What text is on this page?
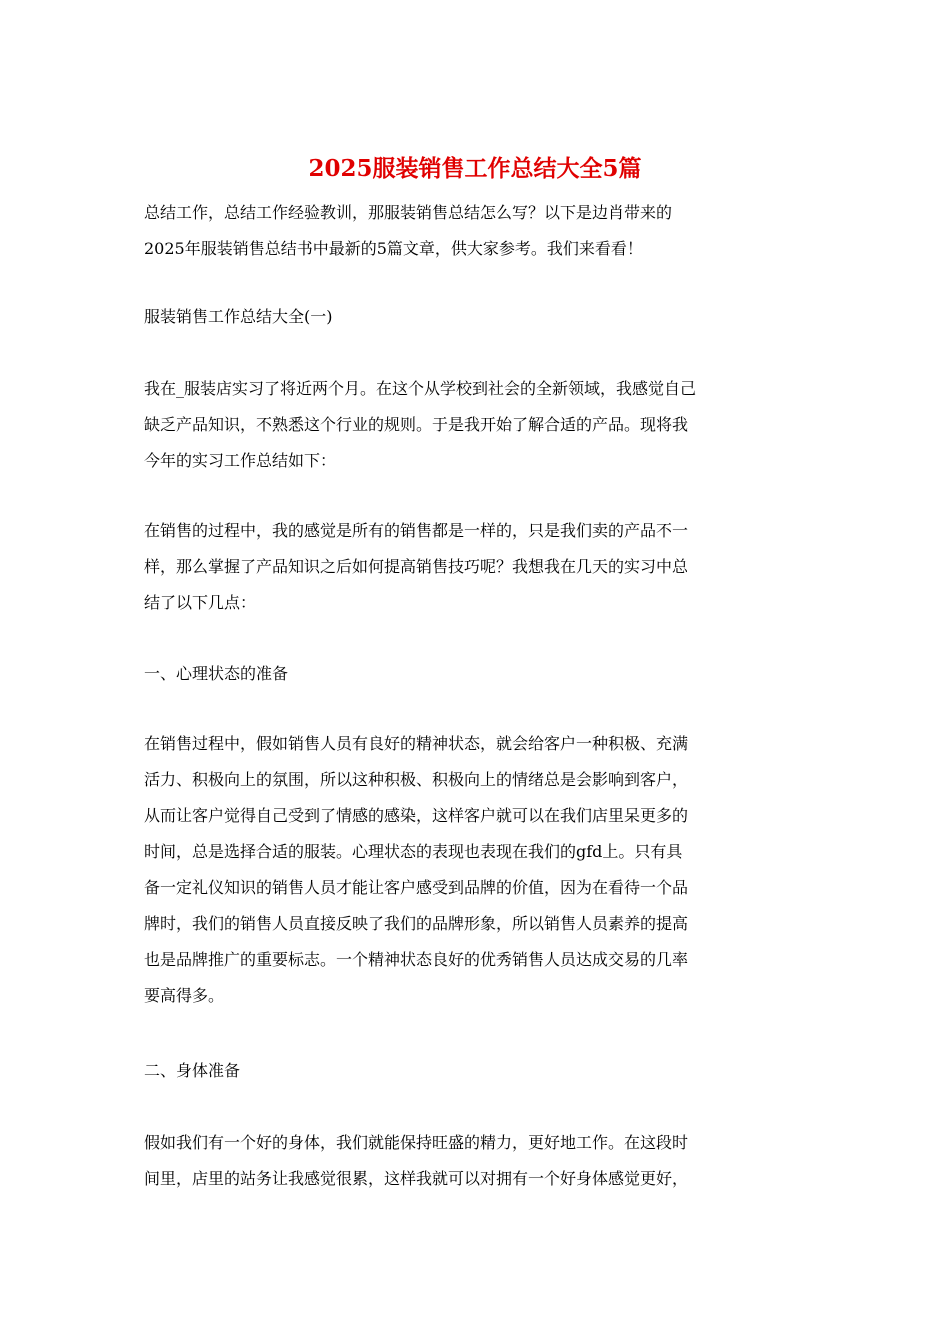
2025服装销售工作总结大全5篇
总结工作，总结工作经验教训，那服装销售总结怎么写？以下是边肖带来的
2025年服装销售总结书中最新的5篇文章，供大家参考。我们来看看！
服装销售工作总结大全(一)
我在_服装店实习了将近两个月。在这个从学校到社会的全新领域，我感觉自己
缺乏产品知识，不熟悉这个行业的规则。于是我开始了解合适的产品。现将我
今年的实习工作总结如下：
在销售的过程中，我的感觉是所有的销售都是一样的，只是我们卖的产品不一
样，那么掌握了产品知识之后如何提高销售技巧呢？我想我在几天的实习中总
结了以下几点：
一、心理状态的准备
在销售过程中，假如销售人员有良好的精神状态，就会给客户一种积极、充满
活力、积极向上的氛围，所以这种积极、积极向上的情绪总是会影响到客户，
从而让客户觉得自己受到了情感的感染，这样客户就可以在我们店里呆更多的
时间，总是选择合适的服装。心理状态的表现也表现在我们的gfd上。只有具
备一定礼仪知识的销售人员才能让客户感受到品牌的价值，因为在看待一个品
牌时，我们的销售人员直接反映了我们的品牌形象，所以销售人员素养的提高
也是品牌推广的重要标志。一个精神状态良好的优秀销售人员达成交易的几率
要高得多。
二、身体准备
假如我们有一个好的身体，我们就能保持旺盛的精力，更好地工作。在这段时
间里，店里的站务让我感觉很累，这样我就可以对拥有一个好身体感觉更好，
